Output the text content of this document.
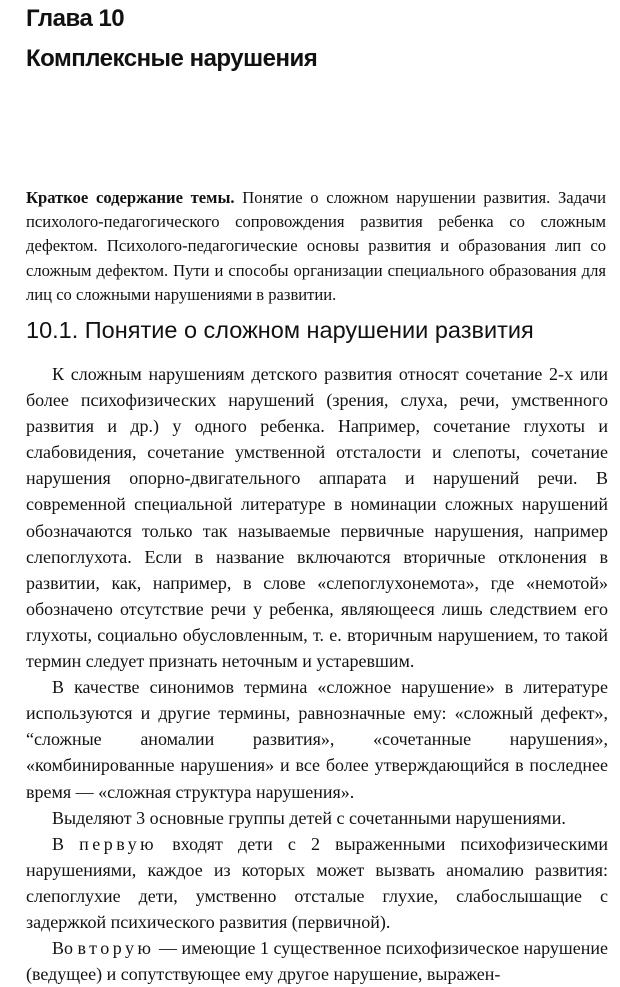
Глава 10
Комплексные нарушения

Краткое содержание темы. Понятие о сложном нарушении развития. Задачи психолого-педагогического сопровождения развития ребенка со сложным дефектом. Психолого-педагогические основы развития и образования лип со сложным дефектом. Пути и способы организации специального образования для лиц со сложными нарушениями в развитии.

10.1. Понятие о сложном нарушении развития

К сложным нарушениям детского развития относят сочетание 2-х или более психофизических нарушений (зрения, слуха, речи, умственного развития и др.) у одного ребенка. Например, сочетание глухоты и слабовидения, сочетание умственной отсталости и слепоты, сочетание нарушения опорно-двигательного аппарата и нарушений речи. В современной специальной литературе в номинации сложных нарушений обозначаются только так называемые первичные нарушения, например слепоглухота. Если в название включаются вторичные отклонения в развитии, как, например, в слове «слепоглухонемота», где «немотой» обозначено отсутствие речи у ребенка, являющееся лишь следствием его глухоты, социально обусловленным, т. е. вторичным нарушением, то такой термин следует признать неточным и устаревшим.

В качестве синонимов термина «сложное нарушение» в литературе используются и другие термины, равнозначные ему: «сложный дефект», “сложные аномалии развития», «сочетанные нарушения», «комбинированные нарушения» и все более утверждающийся в последнее время — «сложная структура нарушения».

Выделяют 3 основные группы детей с сочетанными нарушениями.

В первую входят дети с 2 выраженными психофизическими нарушениями, каждое из которых может вызвать аномалию развития: слепоглухие дети, умственно отсталые глухие, слабослышащие с задержкой психического развития (первичной).

Во вторую — имеющие 1 существенное психофизическое нарушение (ведущее) и сопутствующее ему другое нарушение, выражен-
